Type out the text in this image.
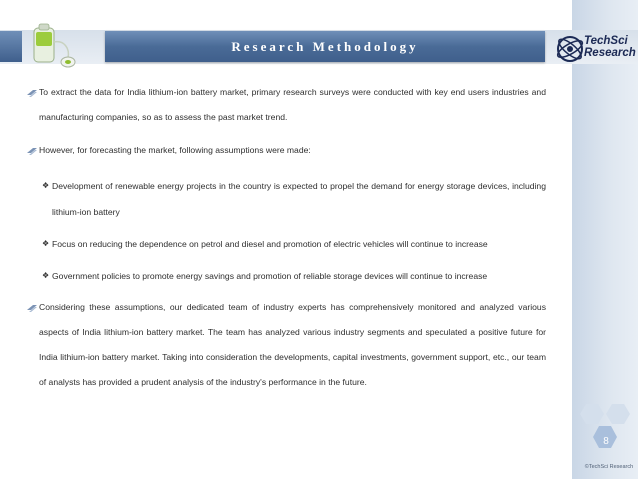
Research Methodology	TechSci
Research

To extract the data for India lithium-ion battery market, primary research surveys were conducted with key end users industries and manufacturing companies, so as to assess the past market trend.

However, for forecasting the market, following assumptions were made:

❖ Development of renewable energy projects in the country is expected to propel the demand for energy storage devices, including lithium-ion battery

❖ Focus on reducing the dependence on petrol and diesel and promotion of electric vehicles will continue to increase

❖ Government policies to promote energy savings and promotion of reliable storage devices will continue to increase

Considering these assumptions, our dedicated team of industry experts has comprehensively monitored and analyzed various aspects of India lithium-ion battery market. The team has analyzed various industry segments and speculated a positive future for India lithium-ion battery market. Taking into consideration the developments, capital investments, government support, etc., our team of analysts has provided a prudent analysis of the industry's performance in the future.

8
©TechSci Research
